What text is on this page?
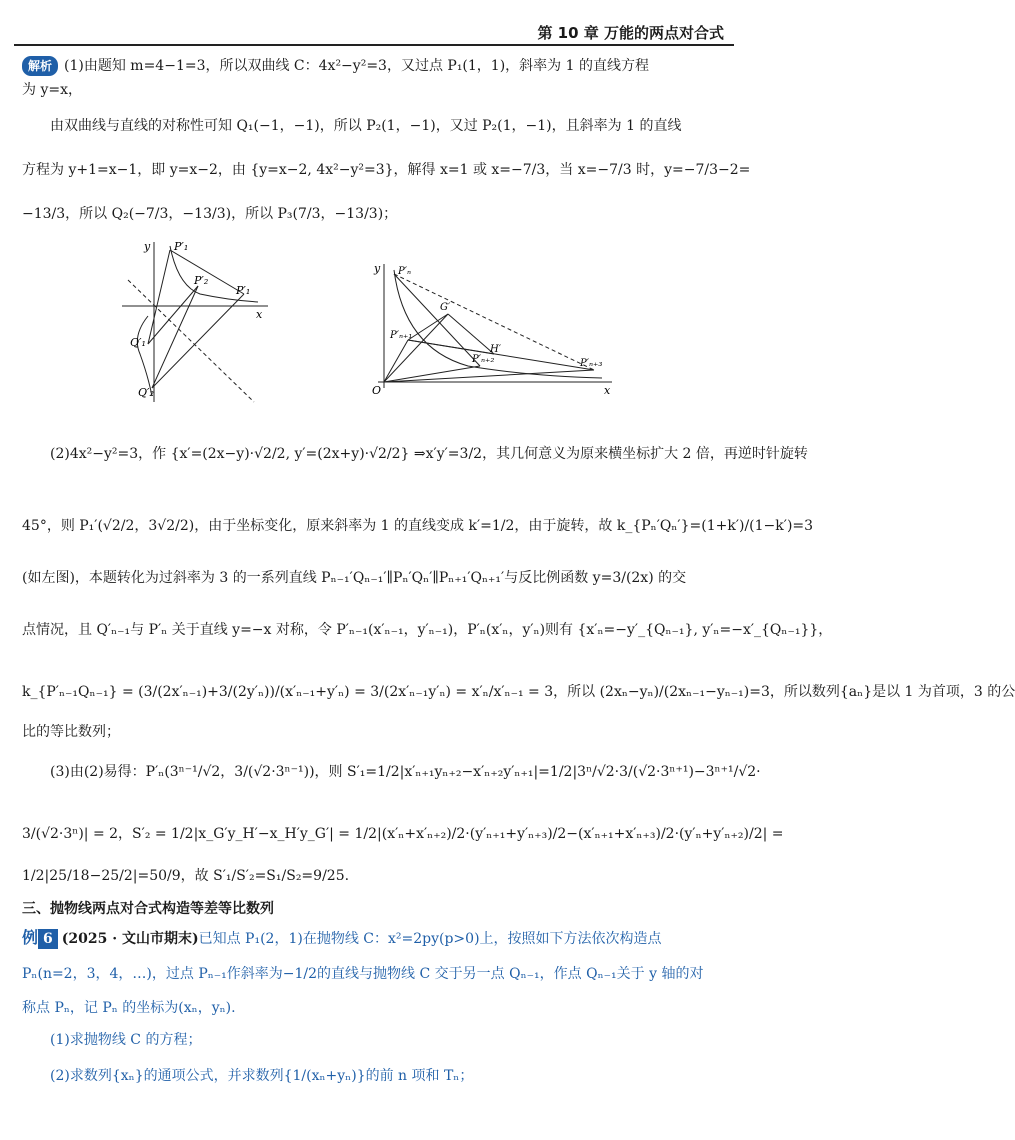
第 10 章 万能的两点对合式
解析 (1)由题知 m=4−1=3，所以双曲线 C：4x²−y²=3，又过点 P₁(1，1)，斜率为 1 的直线方程
为 y=x，
由双曲线与直线的对称性可知 Q₁(−1，−1)，所以 P₂(1，−1)，又过 P₂(1，−1)，且斜率为 1 的直线
方程为 y+1=x−1，即 y=x−2，由 {y=x−2, 4x²−y²=3}，解得 x=1 或 x=−7/3，当 x=−7/3 时，y=−7/3−2=
−13/3，所以 Q₂(−7/3，−13/3)，所以 P₃(7/3，−13/3)；
y
x
P′₁
P′₂
P′₁
Q′₁
Q′₂
y
x
O
P′ₙ
G′
H′
P′ₙ₊₁
P′ₙ₊₂	P′ₙ₊₃
(2)4x²−y²=3，作 {x′=(2x−y)·√2/2, y′=(2x+y)·√2/2} ⇒x′y′=3/2，其几何意义为原来横坐标扩大 2 倍，再逆时针旋转
45°，则 P₁′(√2/2，3√2/2)，由于坐标变化，原来斜率为 1 的直线变成 k′=1/2，由于旋转，故 k_{Pₙ′Qₙ′}=(1+k′)/(1−k′)=3
(如左图)，本题转化为过斜率为 3 的一系列直线 Pₙ₋₁′Qₙ₋₁′∥Pₙ′Qₙ′∥Pₙ₊₁′Qₙ₊₁′与反比例函数 y=3/(2x) 的交
点情况，且 Q′ₙ₋₁与 P′ₙ 关于直线 y=−x 对称，令 P′ₙ₋₁(x′ₙ₋₁，y′ₙ₋₁)，P′ₙ(x′ₙ，y′ₙ)则有 {x′ₙ=−y′_{Qₙ₋₁}, y′ₙ=−x′_{Qₙ₋₁}}，
k_{P′ₙ₋₁Qₙ₋₁} = (3/(2x′ₙ₋₁)+3/(2y′ₙ))/(x′ₙ₋₁+y′ₙ) = 3/(2x′ₙ₋₁y′ₙ) = x′ₙ/x′ₙ₋₁ = 3，所以 (2xₙ−yₙ)/(2xₙ₋₁−yₙ₋₁)=3，所以数列{aₙ}是以 1 为首项，3 的公
比的等比数列；
(3)由(2)易得：P′ₙ(3ⁿ⁻¹/√2，3/(√2·3ⁿ⁻¹))，则 S′₁=1/2|x′ₙ₊₁yₙ₊₂−x′ₙ₊₂y′ₙ₊₁|=1/2|3ⁿ/√2·3/(√2·3ⁿ⁺¹)−3ⁿ⁺¹/√2·
3/(√2·3ⁿ)| = 2，S′₂ = 1/2|x_G′y_H′−x_H′y_G′| = 1/2|(x′ₙ+x′ₙ₊₂)/2·(y′ₙ₊₁+y′ₙ₊₃)/2−(x′ₙ₊₁+x′ₙ₊₃)/2·(y′ₙ+y′ₙ₊₂)/2| =
1/2|25/18−25/2|=50/9，故 S′₁/S′₂=S₁/S₂=9/25.
三、抛物线两点对合式构造等差等比数列
例 6 (2025 · 文山市期末)已知点 P₁(2，1)在抛物线 C：x²=2py(p>0)上，按照如下方法依次构造点
Pₙ(n=2，3，4，…)，过点 Pₙ₋₁作斜率为−1/2的直线与抛物线 C 交于另一点 Qₙ₋₁，作点 Qₙ₋₁关于 y 轴的对
称点 Pₙ，记 Pₙ 的坐标为(xₙ，yₙ).
(1)求抛物线 C 的方程；
(2)求数列{xₙ}的通项公式，并求数列{1/(xₙ+yₙ)}的前 n 项和 Tₙ；
